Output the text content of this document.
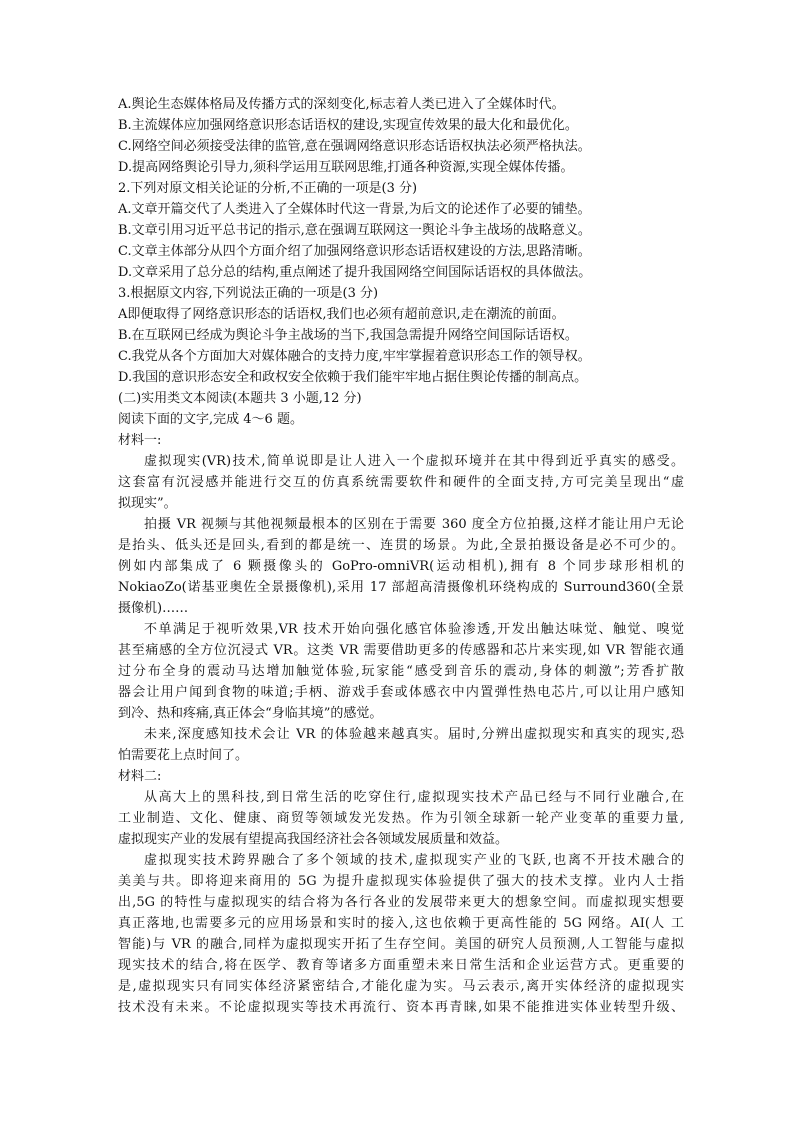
A.舆论生态媒体格局及传播方式的深刻变化,标志着人类已进入了全媒体时代。
B.主流媒体应加强网络意识形态话语权的建设,实现宣传效果的最大化和最优化。
C.网络空间必须接受法律的监管,意在强调网络意识形态话语权执法必须严格执法。
D.提高网络舆论引导力,须科学运用互联网思维,打通各种资源,实现全媒体传播。
2.下列对原文相关论证的分析,不正确的一项是(3 分)
A.文章开篇交代了人类进入了全媒体时代这一背景,为后文的论述作了必要的铺垫。
B.文章引用习近平总书记的指示,意在强调互联网这一舆论斗争主战场的战略意义。
C.文章主体部分从四个方面介绍了加强网络意识形态话语权建设的方法,思路清晰。
D.文章采用了总分总的结构,重点阐述了提升我国网络空间国际话语权的具体做法。
3.根据原文内容,下列说法正确的一项是(3 分)
A即便取得了网络意识形态的话语权,我们也必须有超前意识,走在潮流的前面。
B.在互联网已经成为舆论斗争主战场的当下,我国急需提升网络空间国际话语权。
C.我党从各个方面加大对媒体融合的支持力度,牢牢掌握着意识形态工作的领导权。
D.我国的意识形态安全和政权安全依赖于我们能牢牢地占据住舆论传播的制高点。
(二)实用类文本阅读(本题共 3 小题,12 分)
阅读下面的文字,完成 4～6 题。
材料一:
虚拟现实(VR)技术,简单说即是让人进入一个虚拟环境并在其中得到近乎真实的感受。
这套富有沉浸感并能进行交互的仿真系统需要软件和硬件的全面支持,方可完美呈现出“虚
拟现实”。
拍摄 VR 视频与其他视频最根本的区别在于需要 360 度全方位拍摄,这样才能让用户无论
是抬头、低头还是回头,看到的都是统一、连贯的场景。为此,全景拍摄设备是必不可少的。
例如内部集成了 6 颗摄像头的 GoPro-omniVR(运动相机),拥有 8 个同步球形相机的
NokiaoZo(诺基亚奥佐全景摄像机),采用 17 部超高清摄像机环绕构成的 Surround360(全景
摄像机)……
不单满足于视听效果,VR 技术开始向强化感官体验渗透,开发出触达味觉、触觉、嗅觉
甚至痛感的全方位沉浸式 VR。这类 VR 需要借助更多的传感器和芯片来实现,如 VR 智能衣通
过分布全身的震动马达增加触觉体验,玩家能“感受到音乐的震动,身体的刺激”;芳香扩散
器会让用户闻到食物的味道;手柄、游戏手套或体感衣中内置弹性热电芯片,可以让用户感知
到冷、热和疼痛,真正体会“身临其境”的感觉。
未来,深度感知技术会让 VR 的体验越来越真实。届时,分辨出虚拟现实和真实的现实,恐
怕需要花上点时间了。
材料二:
从高大上的黑科技,到日常生活的吃穿住行,虚拟现实技术产品已经与不同行业融合,在
工业制造、文化、健康、商贸等领域发光发热。作为引领全球新一轮产业变革的重要力量,
虚拟现实产业的发展有望提高我国经济社会各领域发展质量和效益。
虚拟现实技术跨界融合了多个领域的技术,虚拟现实产业的飞跃,也离不开技术融合的
美美与共。即将迎来商用的 5G 为提升虚拟现实体验提供了强大的技术支撑。业内人士指
出,5G 的特性与虚拟现实的结合将为各行各业的发展带来更大的想象空间。而虚拟现实想要
真正落地,也需要多元的应用场景和实时的接入,这也依赖于更高性能的 5G 网络。AI(人 工
智能)与 VR 的融合,同样为虚拟现实开拓了生存空间。美国的研究人员预测,人工智能与虚拟
现实技术的结合,将在医学、教育等诸多方面重塑未来日常生活和企业运营方式。更重要的
是,虚拟现实只有同实体经济紧密结合,才能化虚为实。马云表示,离开实体经济的虚拟现实
技术没有未来。不论虚拟现实等技术再流行、资本再青睐,如果不能推进实体业转型升级、
